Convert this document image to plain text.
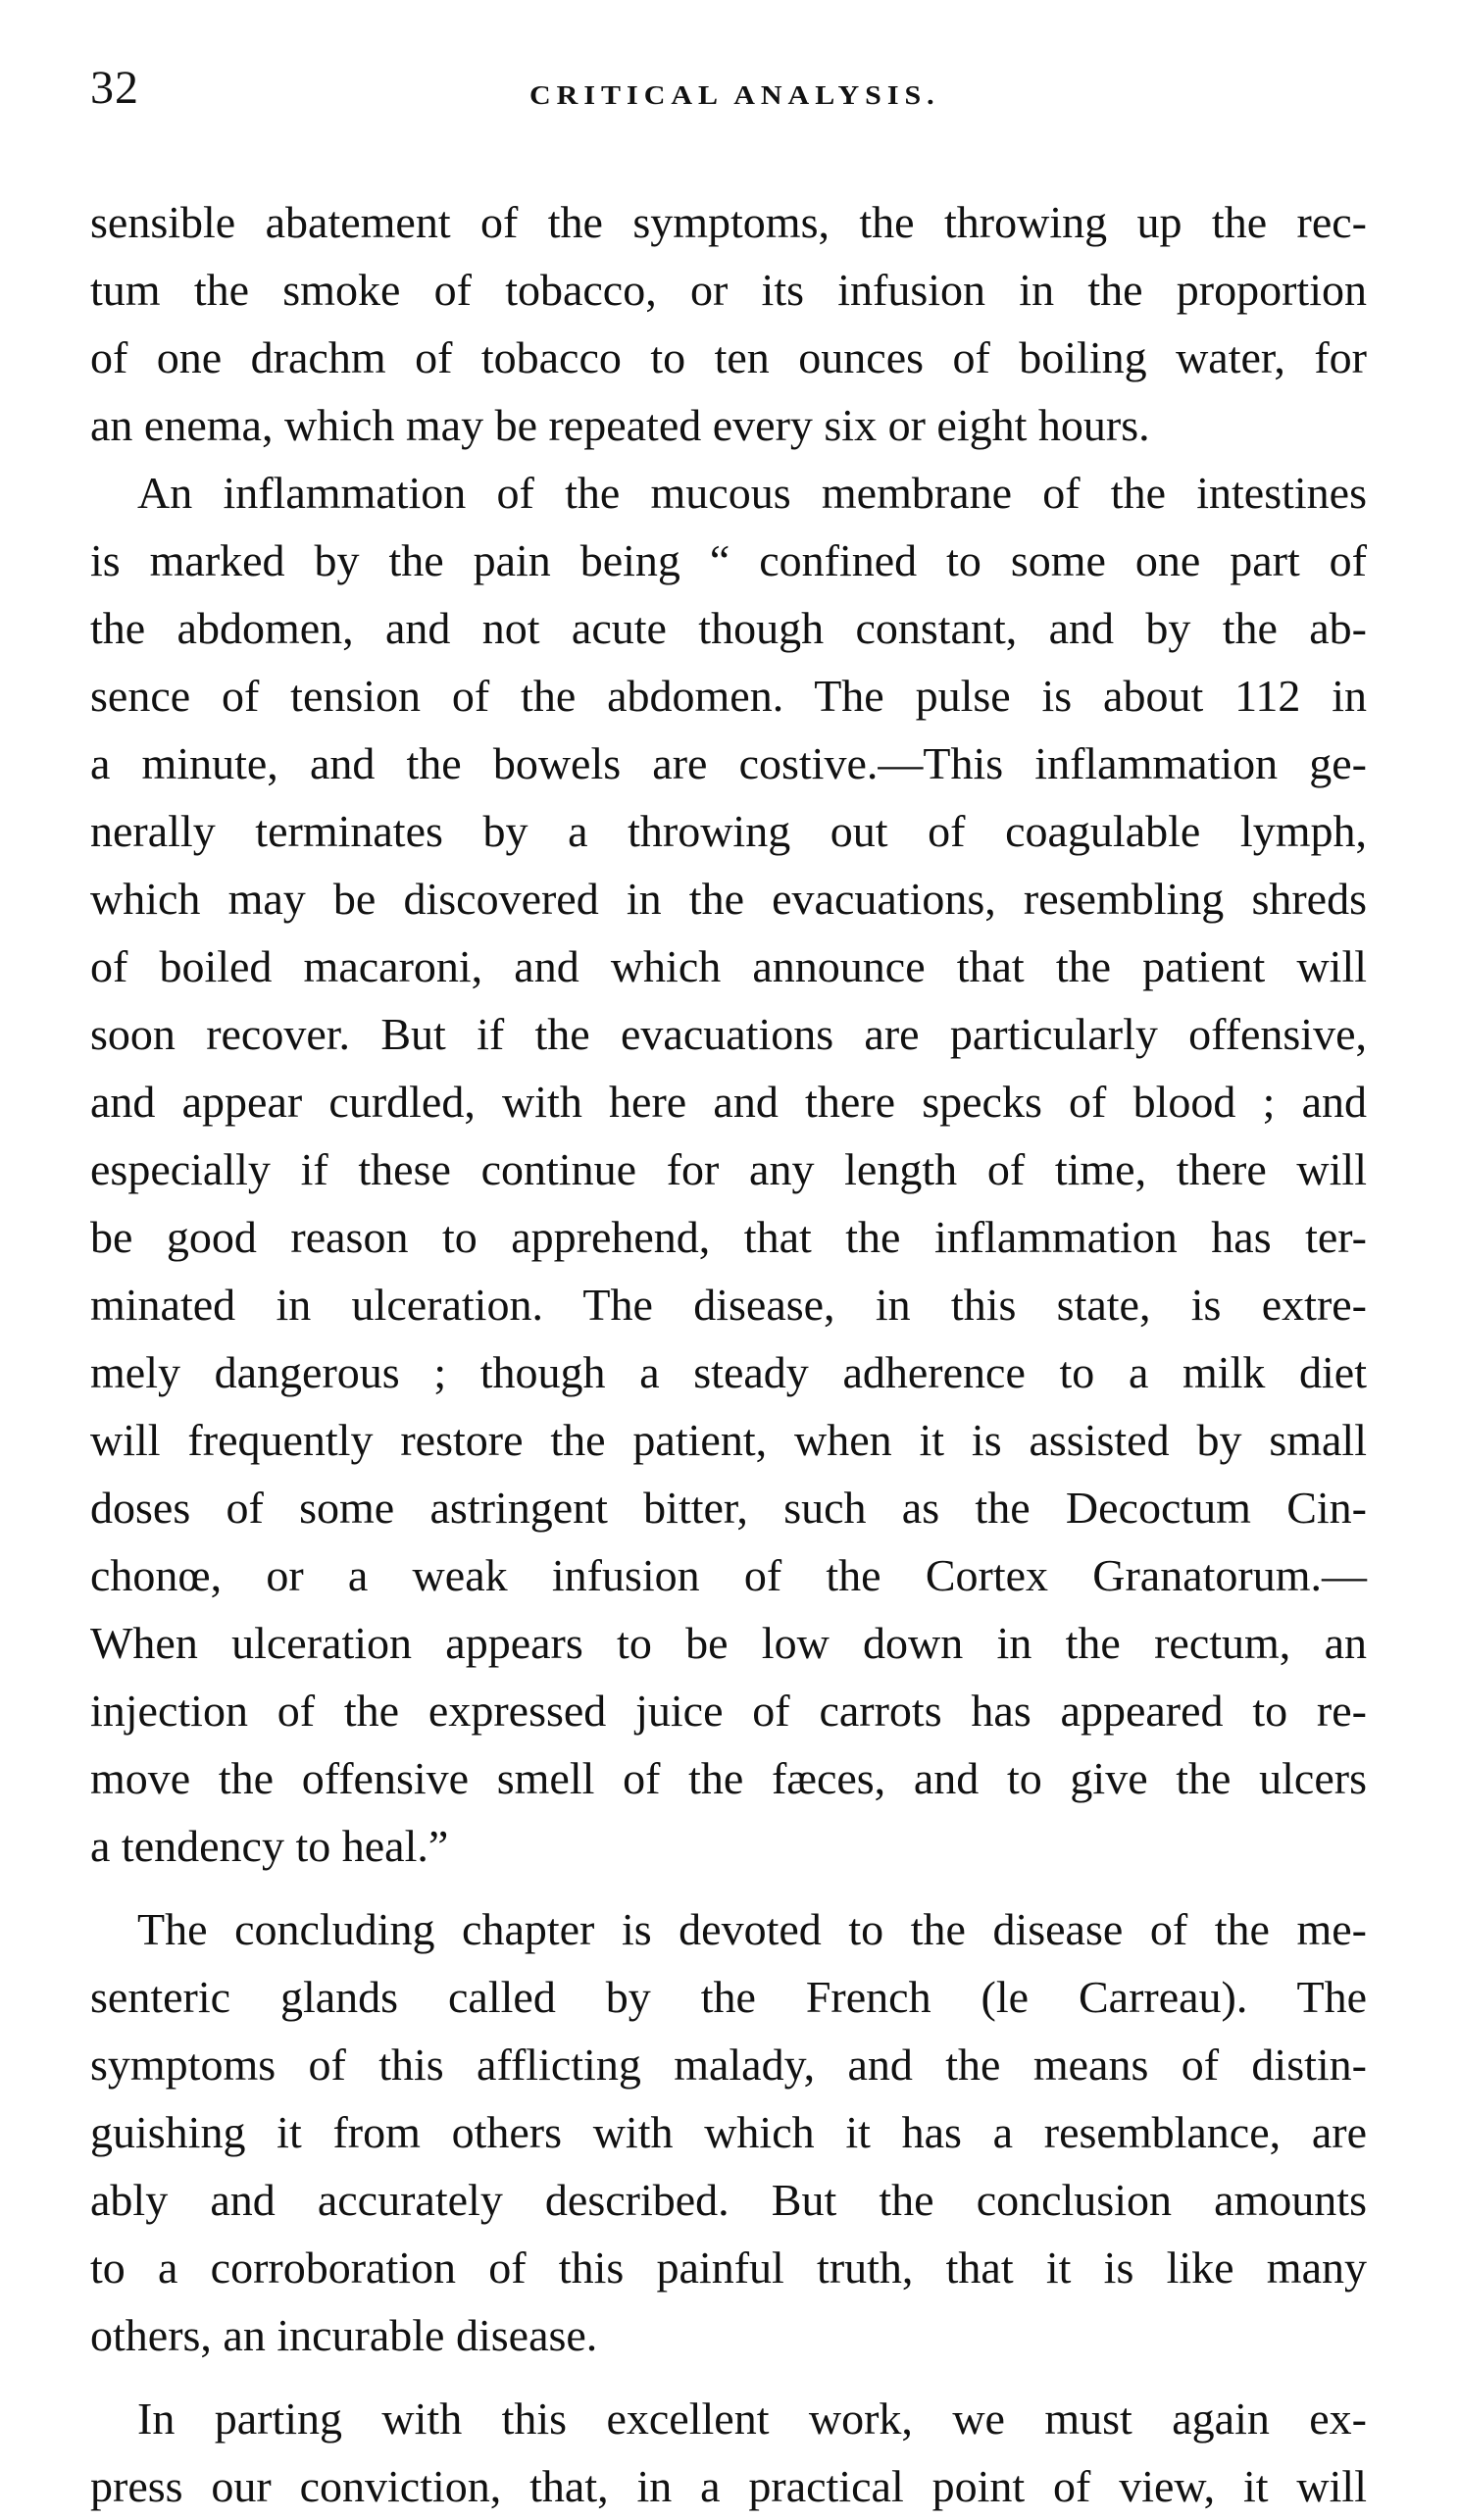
32	CRITICAL ANALYSIS.
sensible abatement of the symptoms, the throwing up the rec-
tum the smoke of tobacco, or its infusion in the proportion
of one drachm of tobacco to ten ounces of boiling water, for
an enema, which may be repeated every six or eight hours.
An inflammation of the mucous membrane of the intestines
is marked by the pain being “ confined to some one part of
the abdomen, and not acute though constant, and by the ab-
sence of tension of the abdomen. The pulse is about 112 in
a minute, and the bowels are costive.—This inflammation ge-
nerally terminates by a throwing out of coagulable lymph,
which may be discovered in the evacuations, resembling shreds
of boiled macaroni, and which announce that the patient will
soon recover. But if the evacuations are particularly offensive,
and appear curdled, with here and there specks of blood ; and
especially if these continue for any length of time, there will
be good reason to apprehend, that the inflammation has ter-
minated in ulceration. The disease, in this state, is extre-
mely dangerous ; though a steady adherence to a milk diet
will frequently restore the patient, when it is assisted by small
doses of some astringent bitter, such as the Decoctum Cin-
chonœ, or a weak infusion of the Cortex Granatorum.—
When ulceration appears to be low down in the rectum, an
injection of the expressed juice of carrots has appeared to re-
move the offensive smell of the fæces, and to give the ulcers
a tendency to heal.”
The concluding chapter is devoted to the disease of the me-
senteric glands called by the French (le Carreau). The
symptoms of this afflicting malady, and the means of distin-
guishing it from others with which it has a resemblance, are
ably and accurately described. But the conclusion amounts
to a corroboration of this painful truth, that it is like many
others, an incurable disease.
In parting with this excellent work, we must again ex-
press our conviction, that, in a practical point of view, it will
